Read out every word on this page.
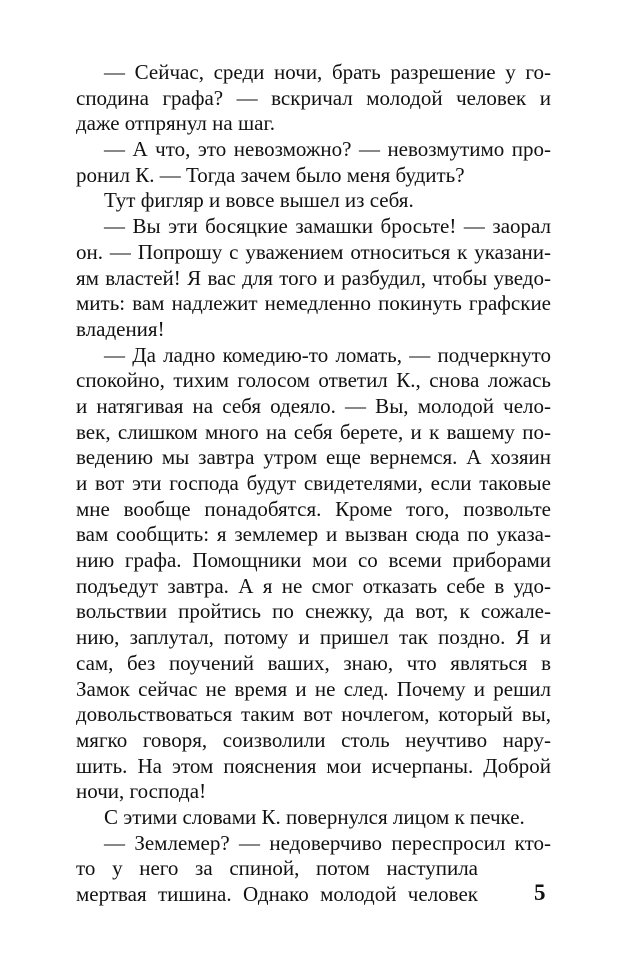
— Сейчас, среди ночи, брать разрешение у го-
сподина графа? — вскричал молодой человек и
даже отпрянул на шаг.
— А что, это невозможно? — невозмутимо про-
ронил К. — Тогда зачем было меня будить?
Тут фигляр и вовсе вышел из себя.
— Вы эти босяцкие замашки бросьте! — заорал
он. — Попрошу с уважением относиться к указани-
ям властей! Я вас для того и разбудил, чтобы уведо-
мить: вам надлежит немедленно покинуть графские
владения!
— Да ладно комедию-то ломать, — подчеркнуто
спокойно, тихим голосом ответил К., снова ложась
и натягивая на себя одеяло. — Вы, молодой чело-
век, слишком много на себя берете, и к вашему по-
ведению мы завтра утром еще вернемся. А хозяин
и вот эти господа будут свидетелями, если таковые
мне вообще понадобятся. Кроме того, позвольте
вам сообщить: я землемер и вызван сюда по указа-
нию графа. Помощники мои со всеми приборами
подъедут завтра. А я не смог отказать себе в удо-
вольствии пройтись по снежку, да вот, к сожале-
нию, заплутал, потому и пришел так поздно. Я и
сам, без поучений ваших, знаю, что являться в
Замок сейчас не время и не след. Почему и решил
довольствоваться таким вот ночлегом, который вы,
мягко говоря, соизволили столь неучтиво нару-
шить. На этом пояснения мои исчерпаны. Доброй
ночи, господа!
С этими словами К. повернулся лицом к печке.
— Землемер? — недоверчиво переспросил кто-
то у него за спиной, потом наступила
мертвая тишина. Однако молодой человек 5
